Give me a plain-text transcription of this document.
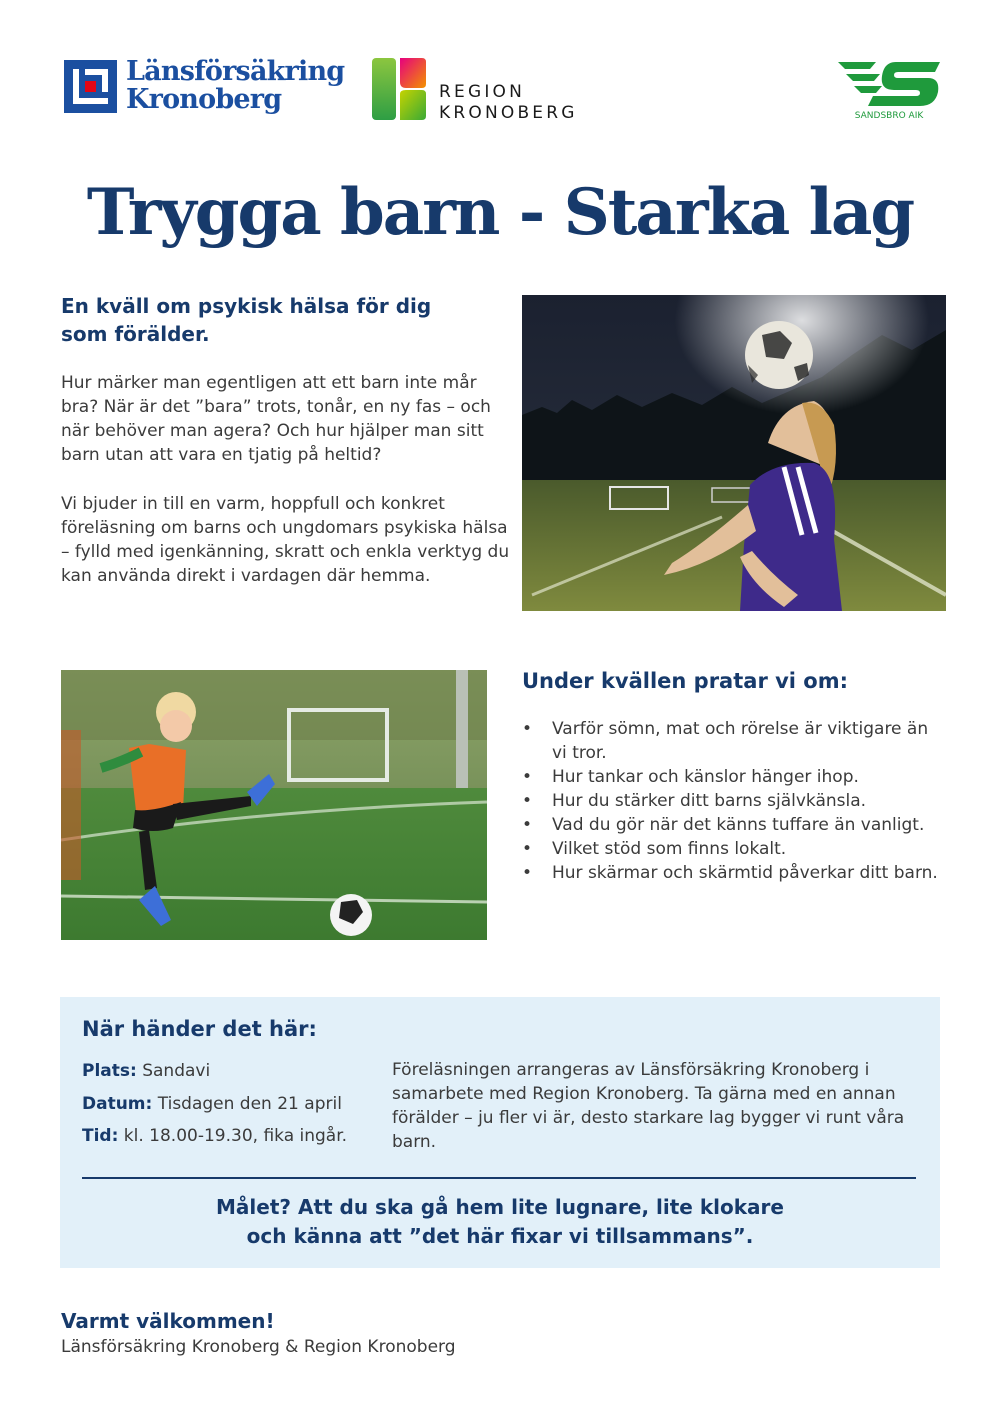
Länsförsäkring
Kronoberg	REGION
KRONOBERG	SANDSBRO AIK
Trygga barn - Starka lag
En kväll om psykisk hälsa för dig
som förälder.

Hur märker man egentligen att ett barn inte mår bra? När är det ”bara” trots, tonår, en ny fas – och när behöver man agera? Och hur hjälper man sitt barn utan att vara en tjatig på heltid?

Vi bjuder in till en varm, hoppfull och konkret föreläsning om barns och ungdomars psykiska hälsa – fylld med igenkänning, skratt och enkla verktyg du kan använda direkt i vardagen där hemma.

Under kvällen pratar vi om:
• Varför sömn, mat och rörelse är viktigare än vi tror.
• Hur tankar och känslor hänger ihop.
• Hur du stärker ditt barns självkänsla.
• Vad du gör när det känns tuffare än vanligt.
• Vilket stöd som finns lokalt.
• Hur skärmar och skärmtid påverkar ditt barn.
När händer det här:
Plats: Sandavi
Datum: Tisdagen den 21 april
Tid: kl. 18.00-19.30, fika ingår.
Föreläsningen arrangeras av Länsförsäkring Kronoberg i samarbete med Region Kronoberg. Ta gärna med en annan förälder – ju fler vi är, desto starkare lag bygger vi runt våra barn.
Målet? Att du ska gå hem lite lugnare, lite klokare
och känna att ”det här fixar vi tillsammans”.
Varmt välkommen!
Länsförsäkring Kronoberg & Region Kronoberg
